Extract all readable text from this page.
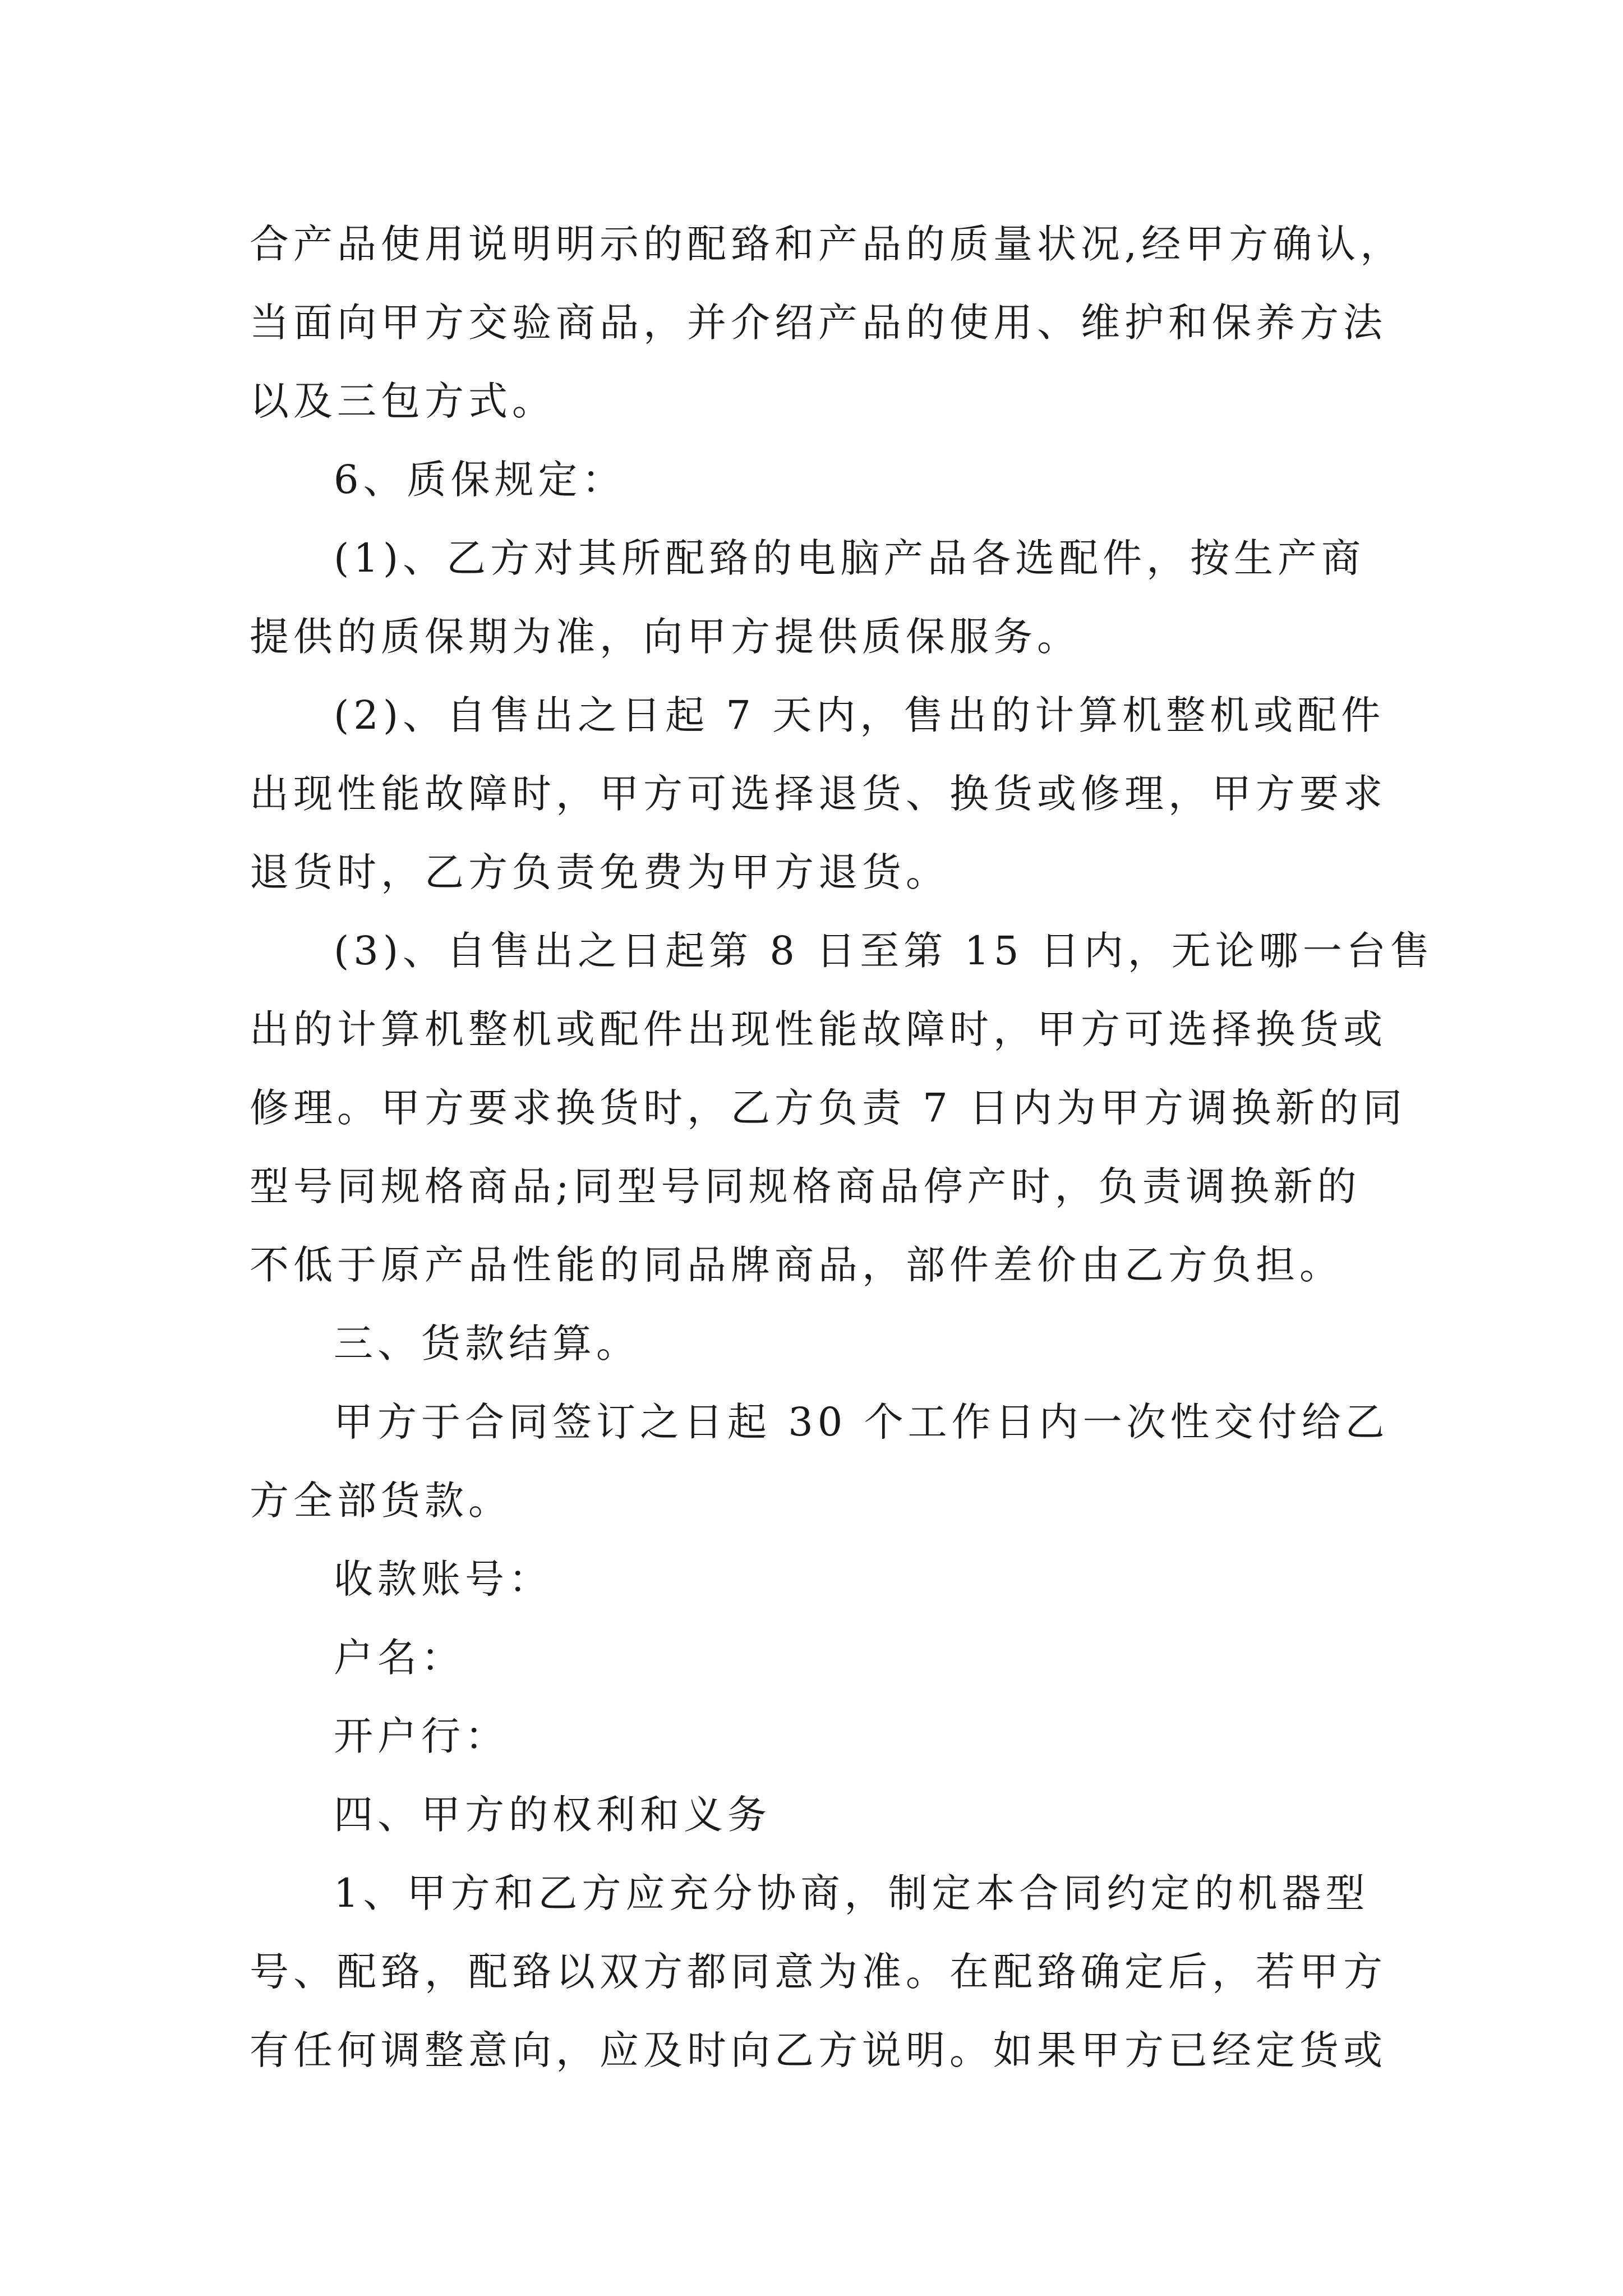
合产品使用说明明示的配臵和产品的质量状况,经甲方确认，
当面向甲方交验商品，并介绍产品的使用、维护和保养方法
以及三包方式。
6、质保规定：
(1)、乙方对其所配臵的电脑产品各选配件，按生产商
提供的质保期为准，向甲方提供质保服务。
(2)、自售出之日起 7 天内，售出的计算机整机或配件
出现性能故障时，甲方可选择退货、换货或修理，甲方要求
退货时，乙方负责免费为甲方退货。
(3)、自售出之日起第 8 日至第 15 日内，无论哪一台售
出的计算机整机或配件出现性能故障时，甲方可选择换货或
修理。甲方要求换货时，乙方负责 7 日内为甲方调换新的同
型号同规格商品;同型号同规格商品停产时，负责调换新的
不低于原产品性能的同品牌商品，部件差价由乙方负担。
三、货款结算。
甲方于合同签订之日起 30 个工作日内一次性交付给乙
方全部货款。
收款账号：
户名：
开户行：
四、甲方的权利和义务
1、甲方和乙方应充分协商，制定本合同约定的机器型
号、配臵，配臵以双方都同意为准。在配臵确定后，若甲方
有任何调整意向，应及时向乙方说明。如果甲方已经定货或
